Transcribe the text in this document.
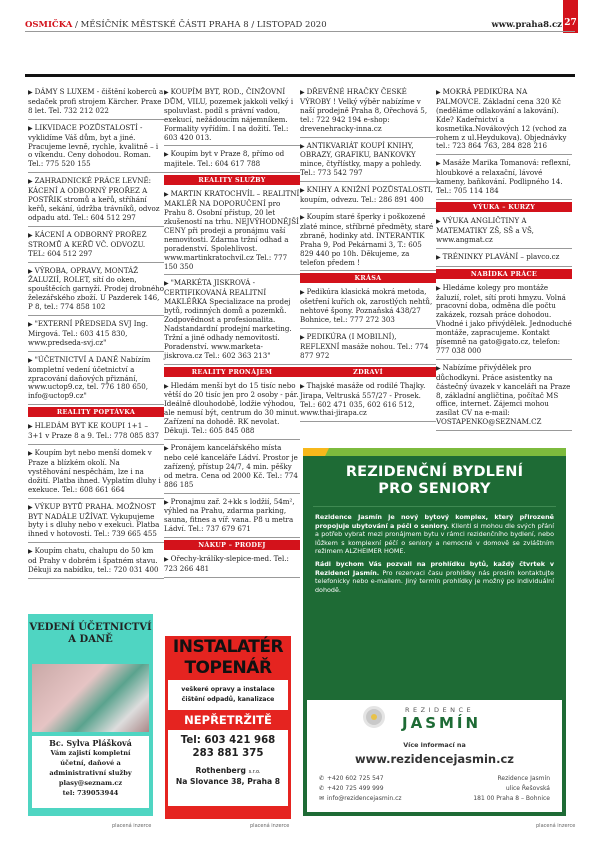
OSMIČKA / MĚSÍČNÍK MĚSTSKÉ ČÁSTI PRAHA 8 / LISTOPAD 2020	www.praha8.cz 27
▶ DÁMY S LUXEM - čištění kobercû a sedaček profi strojem Kärcher. Praxe 8 let. Tel. 732 212 022
▶ LIKVIDACE POZŮSTALOSTÍ - vyklidíme Váš dům, byt a jiné. Pracujeme levně, rychle, kvalitně – i o víkendu. Ceny dohodou. Roman. Tel.: 775 520 155
▶ ZAHRADNICKÉ PRÁCE LEVNĚ: KÁCENÍ A ODBORNÝ PROŘEZ A POSTŘIK stromů a keřů, stříhání keřů, sekání, údržba trávníků, odvoz odpadu atd. Tel.: 604 512 297
▶ KÁCENÍ A ODBORNÝ PROŘEZ STROMŮ A KEŘŮ VČ. ODVOZU. TEL: 604 512 297
▶ VÝROBA, OPRAVY, MONTÁŽ ŽALUZIÍ, ROLET, sítí do oken, spouštěcích garnyží. Prodej drobného železářského zboží. U Pazderek 146, P 8, tel.: 774 858 102
▶ "EXTERNÍ PŘEDSEDA SVJ Ing. Mirgová. Tel.: 603 415 830, www.predseda-svj.cz"
▶ "ÚČETNICTVÍ A DANĚ Nabízím kompletní vedení účetnictví a zpracování daňových přiznání, www.uctop9.cz, tel. 776 180 650, info@uctop9.cz"
REALITY POPTÁVKA
▶ HLEDÁM BYT KE KOUPI 1+1 – 3+1 v Praze 8 a 9. Tel.: 778 085 837
▶ Koupím byt nebo menší domek v Praze a blízkém okolí. Na vystěhování nespěchám, lze i na dožití. Platba ihned. Vyplatím dluhy i exekuce. Tel.: 608 661 664
▶ VÝKUP BYTŮ PRAHA. MOŽNOST BYT NADÁLE UŽÍVAT. Vykupujeme byty i s dluhy nebo v exekuci. Platba ihned v hotovosti. Tel.: 739 665 455
▶ Koupím chatu, chalupu do 50 km od Prahy v dobrém i špatném stavu. Děkuji za nabídku, tel.: 720 031 400
▶ KOUPÍM BYT, ROD., ČINŽOVNÍ DŮM, VILU, pozemek jakkoli velký i spoluvlast. podíl s právní vadou, exekucí, nežádoucím nájemníkem. Formality vyřídím. I na dožití. Tel.: 603 420 013.
▶ Koupím byt v Praze 8, přímo od majitele. Tel.: 604 617 788
REALITY SLUŽBY
▶ MARTIN KRATOCHVÍL – REALITNÍ MAKLÉŘ NA DOPORUČENÍ pro Prahu 8. Osobní přístup, 20 let zkušeností na trhu. NEJVÝHODNĚJŠÍ CENY při prodeji a pronájmu vaší nemovitosti. Zdarma tržní odhad a poradenství. Spolehlivost. www.martinkratochvil.cz Tel.: 777 150 350
▶ "MARKÉTA JISKROVÁ - CERTIFIKOVANÁ REALITNÍ MAKLÉŘKA Specializace na prodej bytů, rodinných domů a pozemků. Zodpovědnost a profesionalita. Nadstandardní prodejní marketing. Tržní a jiné odhady nemovitostí. Poradenství. www.marketa-jiskrova.cz Tel.: 602 363 213"
REALITY PRONÁJEM
▶ Hledám menší byt do 15 tisíc nebo větší do 20 tisíc jen pro 2 osoby - pár. Ideálně dlouhodobě, lodžie výhodou, ale nemusí být, centrum do 30 minut. Zařízení na dohodě. RK nevolat. Děkuji. Tel.: 605 845 088
▶ Pronájem kancelářského místa nebo celé kanceláře Ládví. Prostor je zařízený, přístup 24/7, 4 min. pěšky od metra. Cena od 2000 Kč. Tel.: 774 886 185
▶ Pronajmu zař. 2+kk s lodžií, 54m², výhled na Prahu, zdarma parking, sauna, fitnes a víř. vana. P8 u metra Ládví. Tel.: 737 679 671
NÁKUP – PRODEJ
▶ Ořechy-králíky-slepice-med. Tel.: 723 266 481
▶ DŘEVĚNÉ HRAČKY ČESKÉ VÝROBY ! Velký výběr nabízíme v naší prodejně Praha 8, Ořechová 5, tel.: 722 942 194 e-shop: drevenehracky-inna.cz
▶ ANTIKVARIÁT KOUPÍ KNIHY, OBRAZY, GRAFIKU, BANKOVKY mince, čtyřlístky, mapy a pohledy. Tel.: 773 542 797
▶ KNIHY A KNIŽNÍ POZŮSTALOSTI, koupím, odvezu. Tel.: 286 891 400
▶ Koupím staré šperky i poškozené zlaté mince, stříbrné předměty, staré zbraně, hodinky atd. INTERANTIK Praha 9, Pod Pekárnami 3, T.: 605 829 440 po 10h. Děkujeme, za telefon předem !
KRÁSA
▶ Pedikúra klasická mokrá metoda, ošetření kuřích ok, zarostlých nehtů, nehtové špony. Poznaňská 438/27 Bohnice, tel.: 777 272 303
▶ PEDIKÚRA (I MOBILNÍ), REFLEXNÍ masáže nohou. Tel.: 774 877 972
ZDRAVÍ
▶ Thajské masáže od rodilé Thajky. Jirapa, Veltruská 557/27 - Prosek. Tel.: 602 471 035, 602 616 512, www.thai-jirapa.cz
▶ MOKRÁ PEDIKÚRA NA PALMOVCE. Základní cena 320 Kč (neděláme odlakování a lakování). Kde? Kadeřnictví a kosmetika.Novákových 12 (vchod za rohem z ul.Heydukova). Objednávky tel.: 723 864 763, 284 828 216
▶ Masáže Marika Tomanová: reflexní, hloubkové a relaxační, lávové kameny, baňkování. Podlipného 14. Tel.: 705 114 184
VÝUKA – KURZY
▶ VÝUKA ANGLIČTINY A MATEMATIKY ZŠ, SŠ a VŠ, www.angmat.cz
▶ TRÉNINKY PLAVÁNÍ – plavco.cz
NABÍDKA PRÁCE
▶ Hledáme kolegy pro montáže žaluzií, rolet, sítí proti hmyzu. Volná pracovní doba, odměna dle počtu zakázek, rozsah práce dohodou. Vhodné i jako přivýdělek. Jednoduché montáže, zapracujeme. Kontakt písemně na gato@gato.cz, telefon: 777 038 000
▶ Nabízíme přivýdělek pro důchodkyni. Práce asistentky na částečný úvazek v kanceláři na Praze 8, základní angličtina, počítač MS office, internet. Zájemci mohou zasílat CV na e-mail: VOSTAPENKO@SEZNAM.CZ
VEDENÍ ÚČETNICTVÍ A DANĚ
Bc. Sylva Plášková
Vám zajistí kompletní
účetní, daňové a
administrativní služby
plasy@seznam.cz
tel: 739053944
placená inzerce
INSTALATÉR
TOPENÁŘ
veškeré opravy a instalace
čištění odpadů, kanalizace
NEPŘETRŽITĚ
Tel: 603 421 968
283 881 375
Rothenberg s.r.o.
Na Slovance 38, Praha 8
placená inzerce
REZIDENČNÍ BYDLENÍ
PRO SENIORY

Rezidence Jasmín je nový bytový komplex, který přirozeně propojuje ubytování a péči o seniory. Klienti si mohou dle svých přání a potřeb vybrat mezi pronájmem bytu v rámci rezidenčního bydlení, nebo lůžkem s komplexní péčí o seniory a nemocné v domově se zvláštním režimem ALZHEIMER HOME.

Rádi bychom Vás pozvali na prohlídku bytů, každý čtvrtek v Rezidenci Jasmín. Pro rezervaci času prohlídky nás prosím kontaktujte telefonicky nebo e-mailem. Jiný termín prohlídky je možný po individuální dohodě.

REZIDENCE
JASMÍN
Více informací na
www.rezidencejasmin.cz
✆ +420 602 725 547
✆ +420 725 499 999
✉ info@rezidencejasmin.cz
Rezidence Jasmín
ulice Řešovská
181 00 Praha 8 – Bohnice
placená inzerce
